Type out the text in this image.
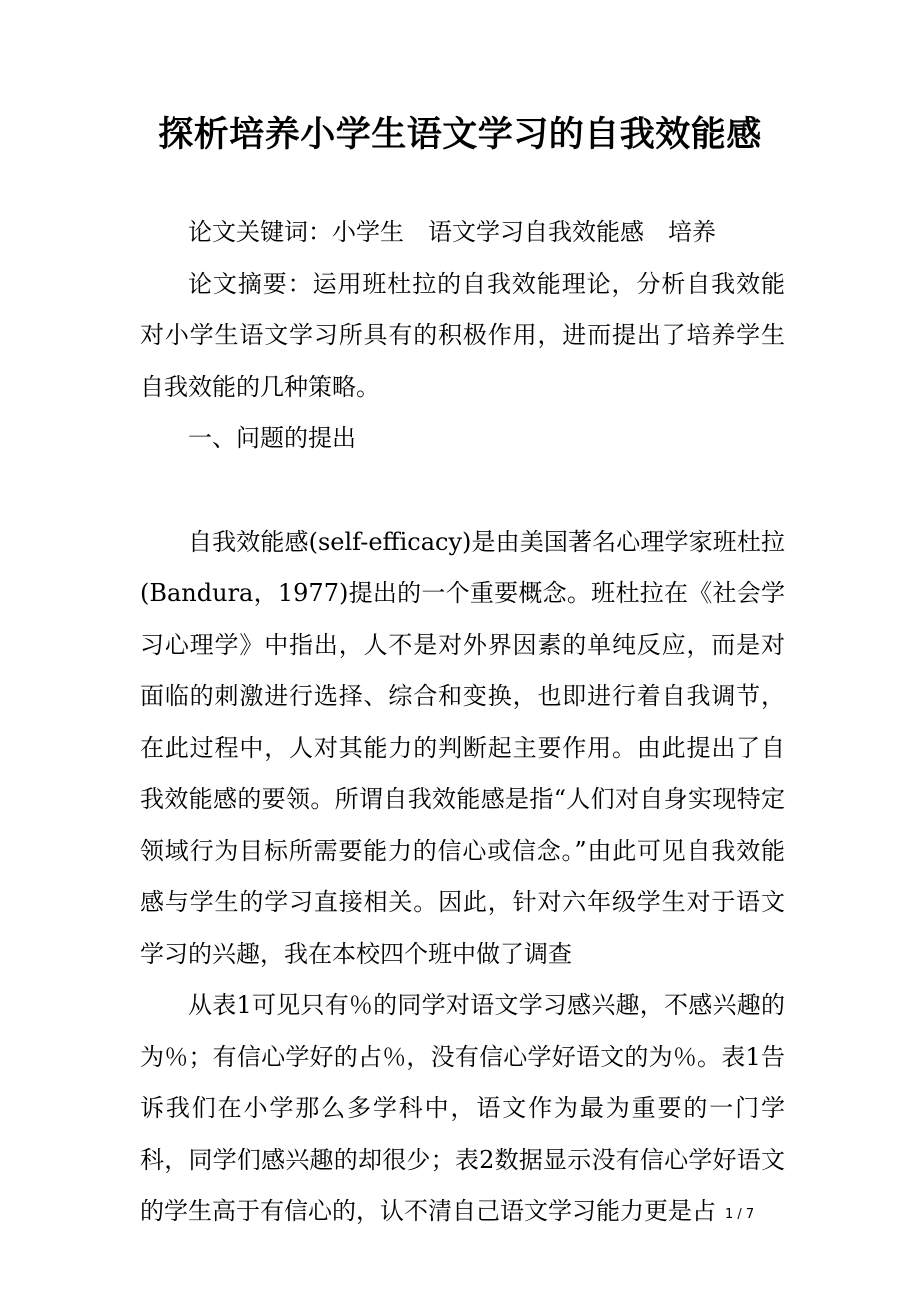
探析培养小学生语文学习的自我效能感

论文关键词：小学生　语文学习自我效能感　培养

论文摘要：运用班杜拉的自我效能理论，分析自我效能对小学生语文学习所具有的积极作用，进而提出了培养学生自我效能的几种策略。

一、问题的提出

自我效能感(self-efficacy)是由美国著名心理学家班杜拉(Bandura，1977)提出的一个重要概念。班杜拉在《社会学习心理学》中指出，人不是对外界因素的单纯反应，而是对面临的刺激进行选择、综合和变换，也即进行着自我调节，在此过程中，人对其能力的判断起主要作用。由此提出了自我效能感的要领。所谓自我效能感是指“人们对自身实现特定领域行为目标所需要能力的信心或信念。”由此可见自我效能感与学生的学习直接相关。因此，针对六年级学生对于语文学习的兴趣，我在本校四个班中做了调查

从表1可见只有％的同学对语文学习感兴趣，不感兴趣的为％；有信心学好的占％，没有信心学好语文的为％。表1告诉我们在小学那么多学科中，语文作为最为重要的一门学科，同学们感兴趣的却很少；表2数据显示没有信心学好语文的学生高于有信心的，认不清自己语文学习能力更是占 1 / 7
